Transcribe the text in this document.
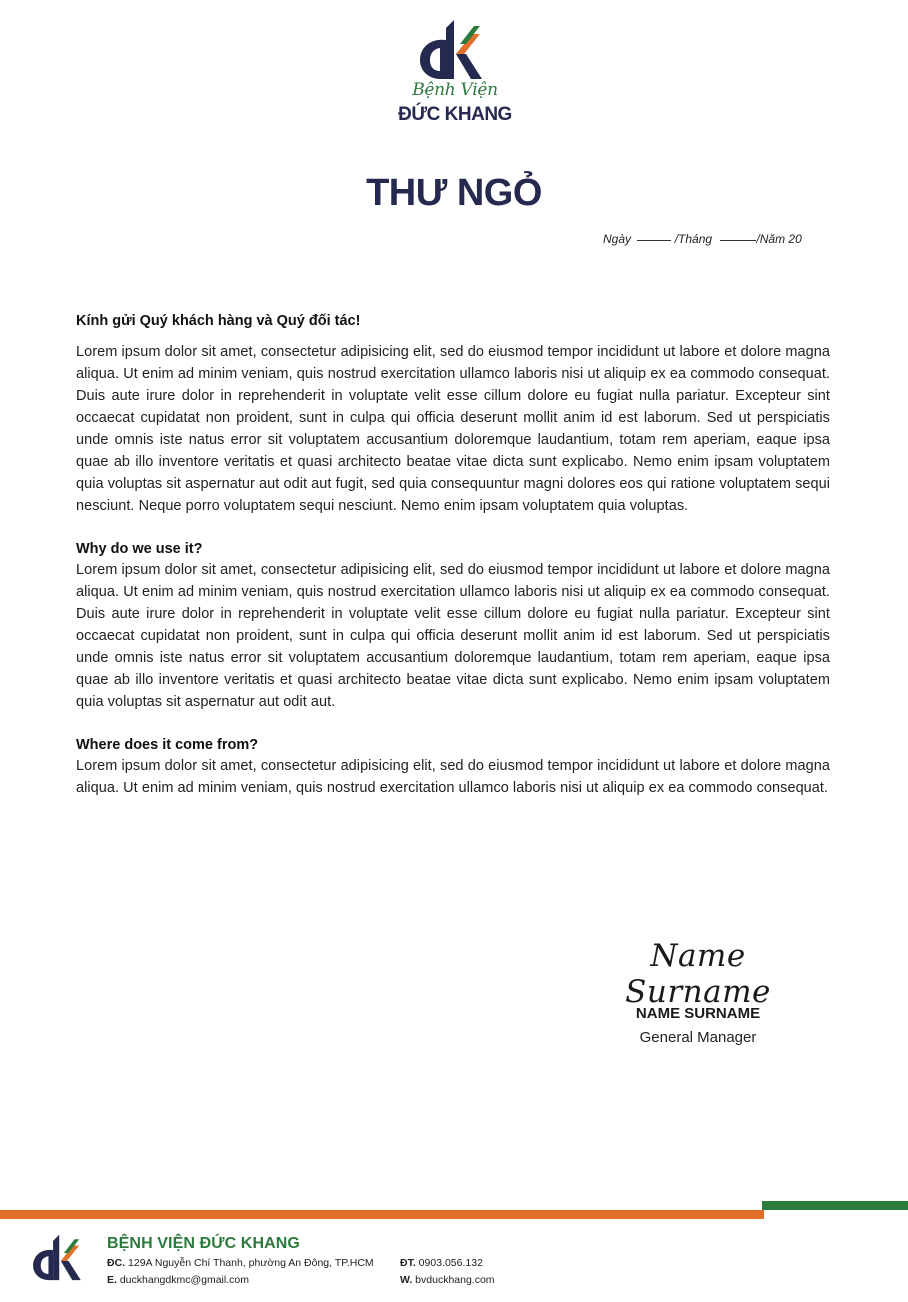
Bệnh Viện
ĐỨC KHANG
THƯ NGỎ
Ngày	/Tháng	/Năm 20
Kính gửi Quý khách hàng và Quý đối tác!
Lorem ipsum dolor sit amet, consectetur adipisicing elit, sed do eiusmod tempor incididunt ut labore et dolore magna aliqua. Ut enim ad minim veniam, quis nostrud exercitation ullamco laboris nisi ut aliquip ex ea commodo consequat. Duis aute irure dolor in reprehenderit in voluptate velit esse cillum dolore eu fugiat nulla pariatur. Excepteur sint occaecat cupidatat non proident, sunt in culpa qui officia deserunt mollit anim id est laborum. Sed ut perspiciatis unde omnis iste natus error sit voluptatem accusantium doloremque laudantium, totam rem aperiam, eaque ipsa quae ab illo inventore veritatis et quasi architecto beatae vitae dicta sunt explicabo. Nemo enim ipsam voluptatem quia voluptas sit aspernatur aut odit aut fugit, sed quia consequuntur magni dolores eos qui ratione voluptatem sequi nesciunt. Neque porro voluptatem sequi nesciunt. Nemo enim ipsam voluptatem quia voluptas.
Why do we use it?
Lorem ipsum dolor sit amet, consectetur adipisicing elit, sed do eiusmod tempor incididunt ut labore et dolore magna aliqua. Ut enim ad minim veniam, quis nostrud exercitation ullamco laboris nisi ut aliquip ex ea commodo consequat. Duis aute irure dolor in reprehenderit in voluptate velit esse cillum dolore eu fugiat nulla pariatur. Excepteur sint occaecat cupidatat non proident, sunt in culpa qui officia deserunt mollit anim id est laborum. Sed ut perspiciatis unde omnis iste natus error sit voluptatem accusantium doloremque laudantium, totam rem aperiam, eaque ipsa quae ab illo inventore veritatis et quasi architecto beatae vitae dicta sunt explicabo. Nemo enim ipsam voluptatem quia voluptas sit aspernatur aut odit aut.
Where does it come from?
Lorem ipsum dolor sit amet, consectetur adipisicing elit, sed do eiusmod tempor incididunt ut labore et dolore magna aliqua. Ut enim ad minim veniam, quis nostrud exercitation ullamco laboris nisi ut aliquip ex ea commodo consequat.
Name Surname
NAME SURNAME
General Manager
BỆNH VIỆN ĐỨC KHANG
ĐC. 129A Nguyễn Chí Thanh, phường An Đông, TP.HCM
E. duckhangdkmc@gmail.com
ĐT. 0903.056.132
W. bvduckhang.com
